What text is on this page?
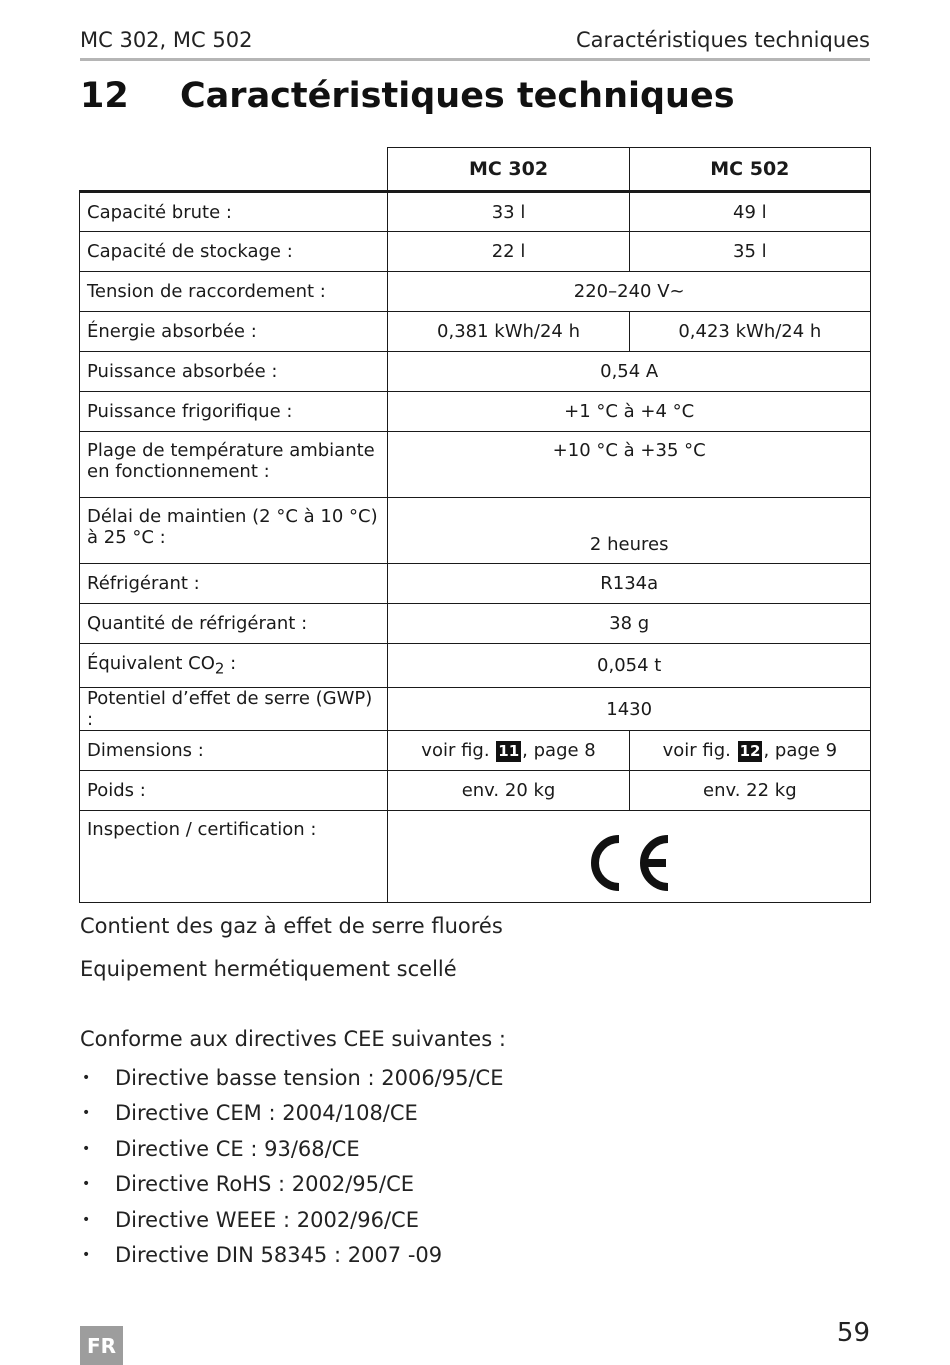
MC 302, MC 502	Caractéristiques techniques
12 Caractéristiques techniques
	MC 302	MC 502
Capacité brute :	33 l	49 l
Capacité de stockage :	22 l	35 l
Tension de raccordement :	220–240 V~	
Énergie absorbée :	0,381 kWh/24 h	0,423 kWh/24 h
Puissance absorbée :	0,54 A	
Puissance frigorifique :	+1 °C à +4 °C	
Plage de température ambiante en fonctionnement :	+10 °C à +35 °C	
Délai de maintien (2 °C à 10 °C) à 25 °C :	2 heures	
Réfrigérant :	R134a	
Quantité de réfrigérant :	38 g	
Équivalent $CO_2$ :	0,054 t	
Potentiel d’effet de serre (GWP) :	1430	
Dimensions :	voir fig. 11 , page 8	voir fig. 12 , page 9
Poids :	env. 20 kg	env. 22 kg
Inspection / certification :	
Contient des gaz à effet de serre fluorés
Equipement hermétiquement scellé
Conforme aux directives CEE suivantes :
•	Directive basse tension : 2006/95/CE
•	Directive CEM : 2004/108/CE
•	Directive CE : 93/68/CE
•	Directive RoHS : 2002/95/CE
•	Directive WEEE : 2002/96/CE
•	Directive DIN 58345 : 2007 -09
FR	59
